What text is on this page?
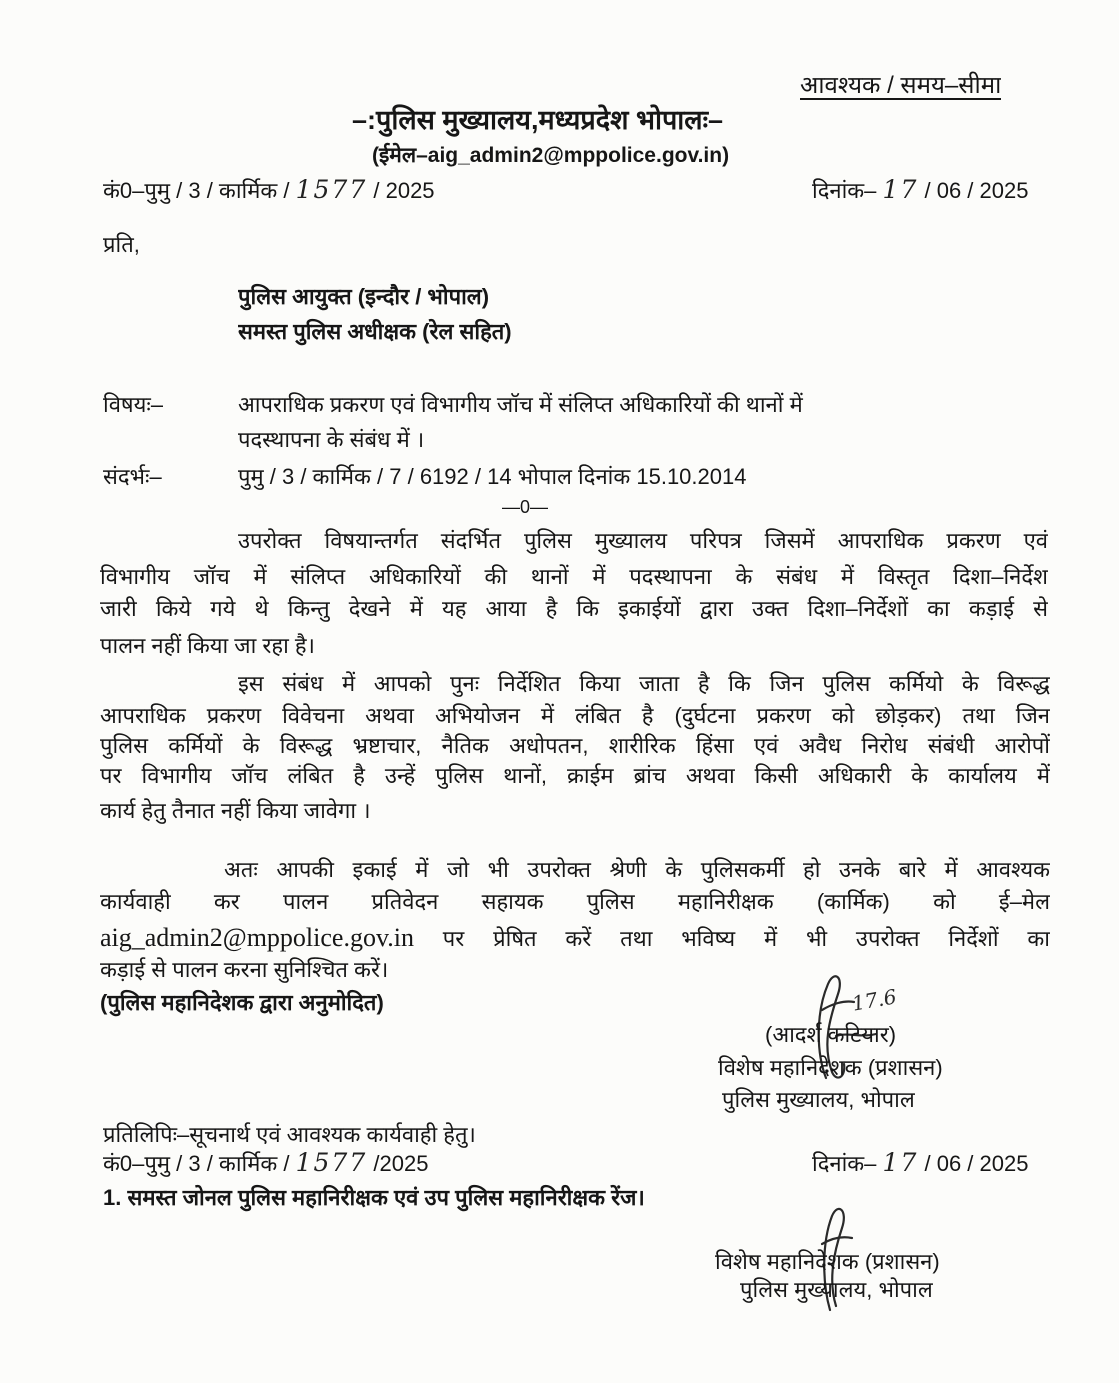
आवश्यक / समय–सीमा
–:पुलिस मुख्यालय,मध्यप्रदेश भोपालः–
(ईमेल–aig_admin2@mppolice.gov.in)
कं0–पुमु / 3 / कार्मिक / 1577 / 2025	दिनांक– 17 / 06 / 2025
प्रति,
पुलिस आयुक्त (इन्दौर / भोपाल)
समस्त पुलिस अधीक्षक (रेल सहित)
विषयः–	आपराधिक प्रकरण एवं विभागीय जॉच में संलिप्त अधिकारियों की थानों में
पदस्थापना के संबंध में ।
संदर्भः–	पुमु / 3 / कार्मिक / 7 / 6192 / 14 भोपाल दिनांक 15.10.2014
—0—
उपरोक्त विषयान्तर्गत संदर्भित पुलिस मुख्यालय परिपत्र जिसमें आपराधिक प्रकरण एवं
विभागीय जॉच में संलिप्त अधिकारियों की थानों में पदस्थापना के संबंध में विस्तृत दिशा–निर्देश
जारी किये गये थे किन्तु देखने में यह आया है कि इकाईयों द्वारा उक्त दिशा–निर्देशों का कड़ाई से
पालन नहीं किया जा रहा है।
इस संबंध में आपको पुनः निर्देशित किया जाता है कि जिन पुलिस कर्मियो के विरूद्ध
आपराधिक प्रकरण विवेचना अथवा अभियोजन में लंबित है (दुर्घटना प्रकरण को छोड़कर) तथा जिन
पुलिस कर्मियों के विरूद्ध भ्रष्टाचार, नैतिक अधोपतन, शारीरिक हिंसा एवं अवैध निरोध संबंधी आरोपों
पर विभागीय जॉच लंबित है उन्हें पुलिस थानों, क्राईम ब्रांच अथवा किसी अधिकारी के कार्यालय में
कार्य हेतु तैनात नहीं किया जावेगा ।
अतः आपकी इकाई में जो भी उपरोक्त श्रेणी के पुलिसकर्मी हो उनके बारे में आवश्यक
कार्यवाही कर पालन प्रतिवेदन सहायक पुलिस महानिरीक्षक (कार्मिक) को ई–मेल
aig_admin2@mppolice.gov.in पर प्रेषित करें तथा भविष्य में भी उपरोक्त निर्देशों का
कड़ाई से पालन करना सुनिश्चित करें।
(पुलिस महानिदेशक द्वारा अनुमोदित)	17.6
(आदर्श कटियार)
विशेष महानिदेशक (प्रशासन)
पुलिस मुख्यालय, भोपाल
प्रतिलिपिः–सूचनार्थ एवं आवश्यक कार्यवाही हेतु।
कं0–पुमु / 3 / कार्मिक / 1577 /2025	दिनांक– 17 / 06 / 2025
1. समस्त जोनल पुलिस महानिरीक्षक एवं उप पुलिस महानिरीक्षक रेंज।
विशेष महानिदेशक (प्रशासन)
पुलिस मुख्यालय, भोपाल
